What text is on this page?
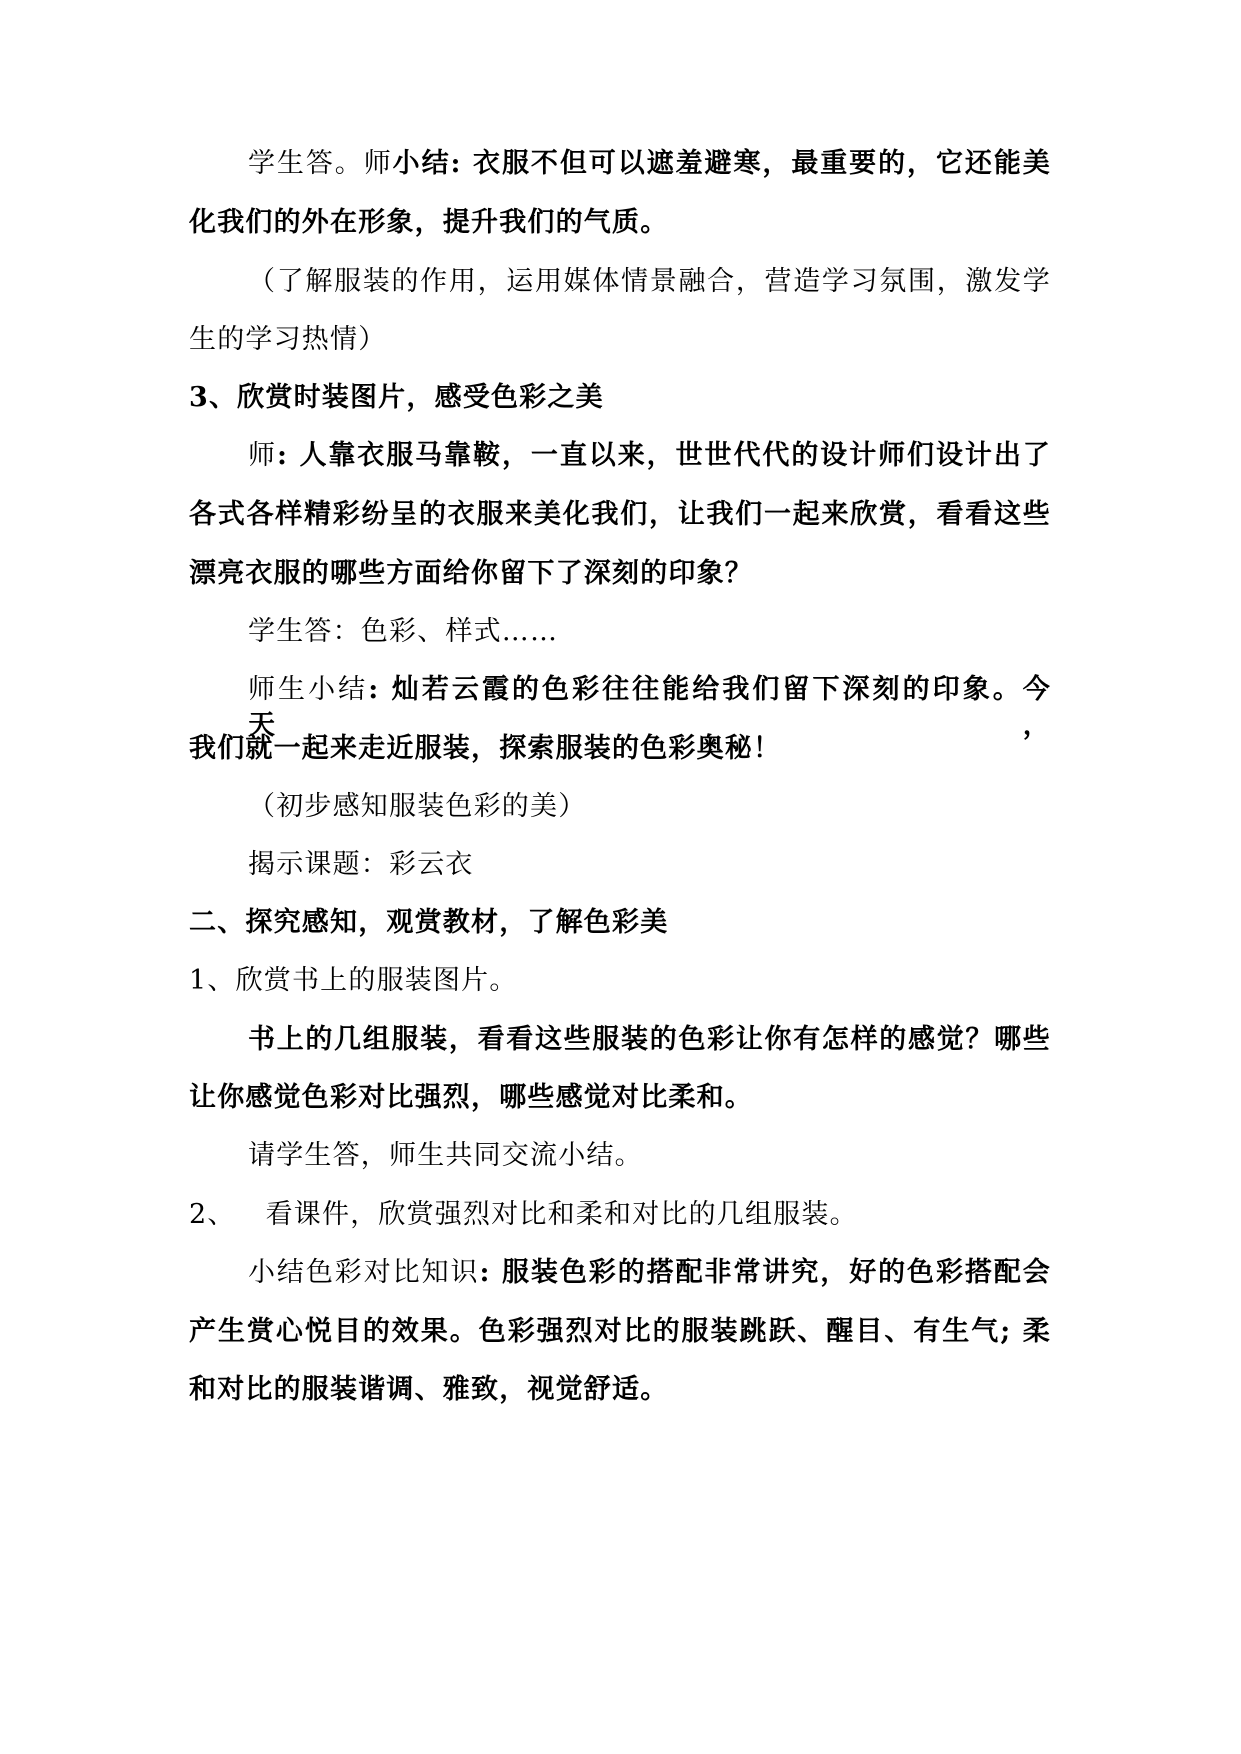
学生答。师小结: 衣服不但可以遮羞避寒，最重要的，它还能美
化我们的外在形象，提升我们的气质。
（了解服装的作用，运用媒体情景融合，营造学习氛围，激发学
生的学习热情）
3、欣赏时装图片，感受色彩之美
师: 人靠衣服马靠鞍，一直以来，世世代代的设计师们设计出了
各式各样精彩纷呈的衣服来美化我们，让我们一起来欣赏，看看这些
漂亮衣服的哪些方面给你留下了深刻的印象？
学生答：色彩、样式……
师生小结: 灿若云霞的色彩往往能给我们留下深刻的印象。今天，
我们就一起来走近服装，探索服装的色彩奥秘！
（初步感知服装色彩的美）
揭示课题：彩云衣
二、探究感知，观赏教材，了解色彩美
1、欣赏书上的服装图片。
书上的几组服装，看看这些服装的色彩让你有怎样的感觉？哪些
让你感觉色彩对比强烈，哪些感觉对比柔和。
请学生答，师生共同交流小结。
2、 看课件，欣赏强烈对比和柔和对比的几组服装。
小结色彩对比知识: 服装色彩的搭配非常讲究，好的色彩搭配会
产生赏心悦目的效果。色彩强烈对比的服装跳跃、醒目、有生气; 柔
和对比的服装谐调、雅致，视觉舒适。
